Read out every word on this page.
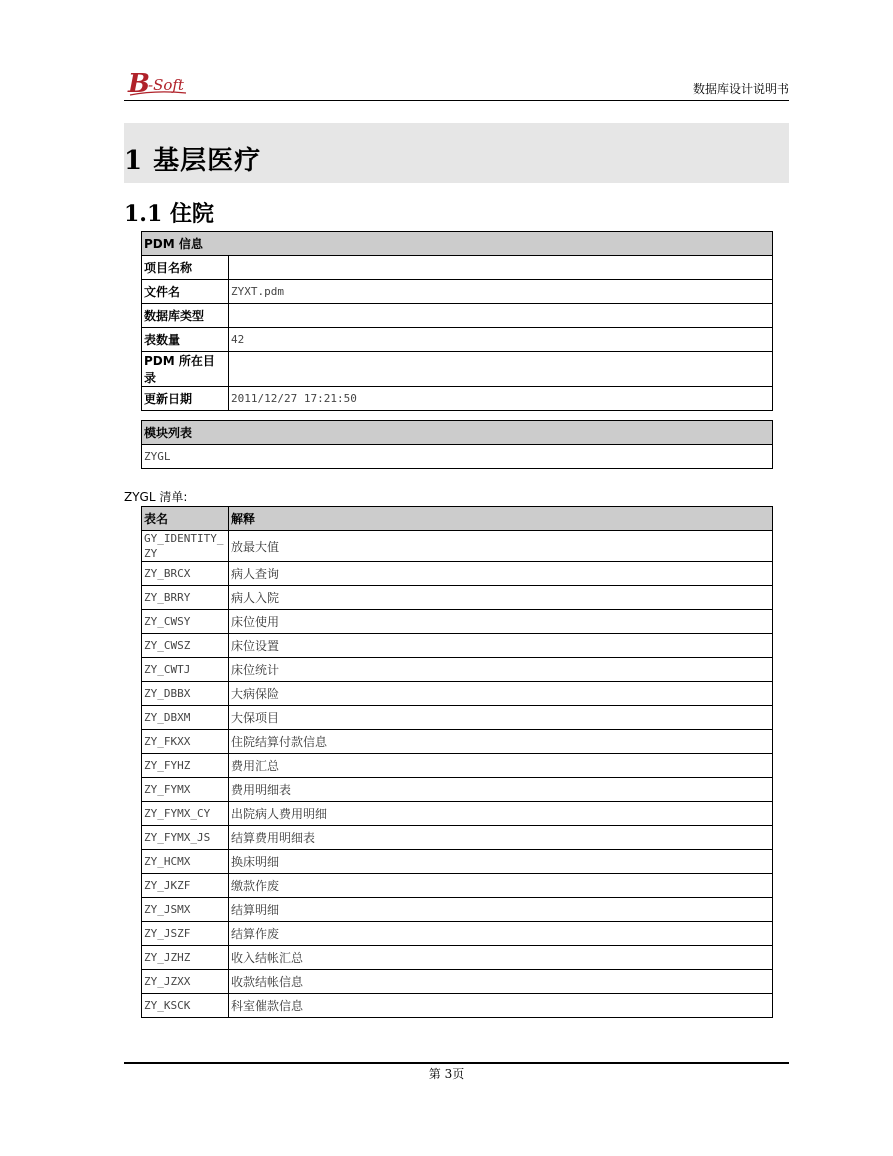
B
-Soft	数据库设计说明书
1 基层医疗
1.1 住院
PDM 信息	
项目名称	
文件名	ZYXT.pdm
数据库类型	
表数量	42
PDM 所在目录	
更新日期	2011/12/27 17:21:50
模块列表
ZYGL
ZYGL 清单:
表名	解释
GY_IDENTITY_ZY	放最大值
ZY_BRCX	病人查询
ZY_BRRY	病人入院
ZY_CWSY	床位使用
ZY_CWSZ	床位设置
ZY_CWTJ	床位统计
ZY_DBBX	大病保险
ZY_DBXM	大保项目
ZY_FKXX	住院结算付款信息
ZY_FYHZ	费用汇总
ZY_FYMX	费用明细表
ZY_FYMX_CY	出院病人费用明细
ZY_FYMX_JS	结算费用明细表
ZY_HCMX	换床明细
ZY_JKZF	缴款作废
ZY_JSMX	结算明细
ZY_JSZF	结算作废
ZY_JZHZ	收入结帐汇总
ZY_JZXX	收款结帐信息
ZY_KSCK	科室催款信息
第 3页
